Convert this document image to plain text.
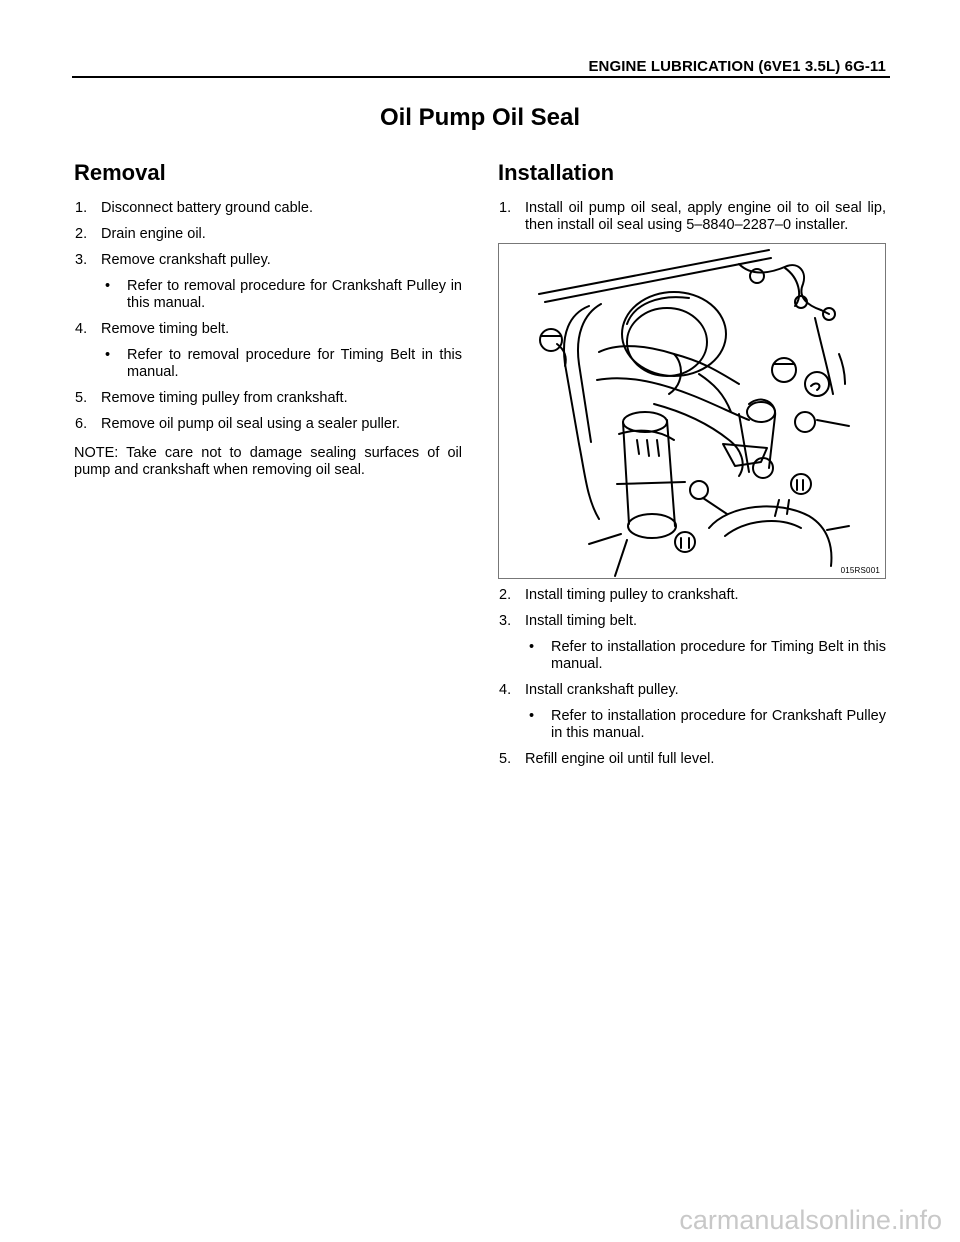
ENGINE LUBRICATION (6VE1 3.5L) 6G-11
Oil Pump Oil Seal
Removal
1. Disconnect battery ground cable.
2. Drain engine oil.
3. Remove crankshaft pulley.
• Refer to removal procedure for Crankshaft Pulley in this manual.
4. Remove timing belt.
• Refer to removal procedure for Timing Belt in this manual.
5. Remove timing pulley from crankshaft.
6. Remove oil pump oil seal using a sealer puller.
NOTE: Take care not to damage sealing surfaces of oil pump and crankshaft when removing oil seal.
Installation
1. Install oil pump oil seal, apply engine oil to oil seal lip, then install oil seal using 5–8840–2287–0 installer.
015RS001
2. Install timing pulley to crankshaft.
3. Install timing belt.
• Refer to installation procedure for Timing Belt in this manual.
4. Install crankshaft pulley.
• Refer to installation procedure for Crankshaft Pulley in this manual.
5. Refill engine oil until full level.
carmanualsonline.info
